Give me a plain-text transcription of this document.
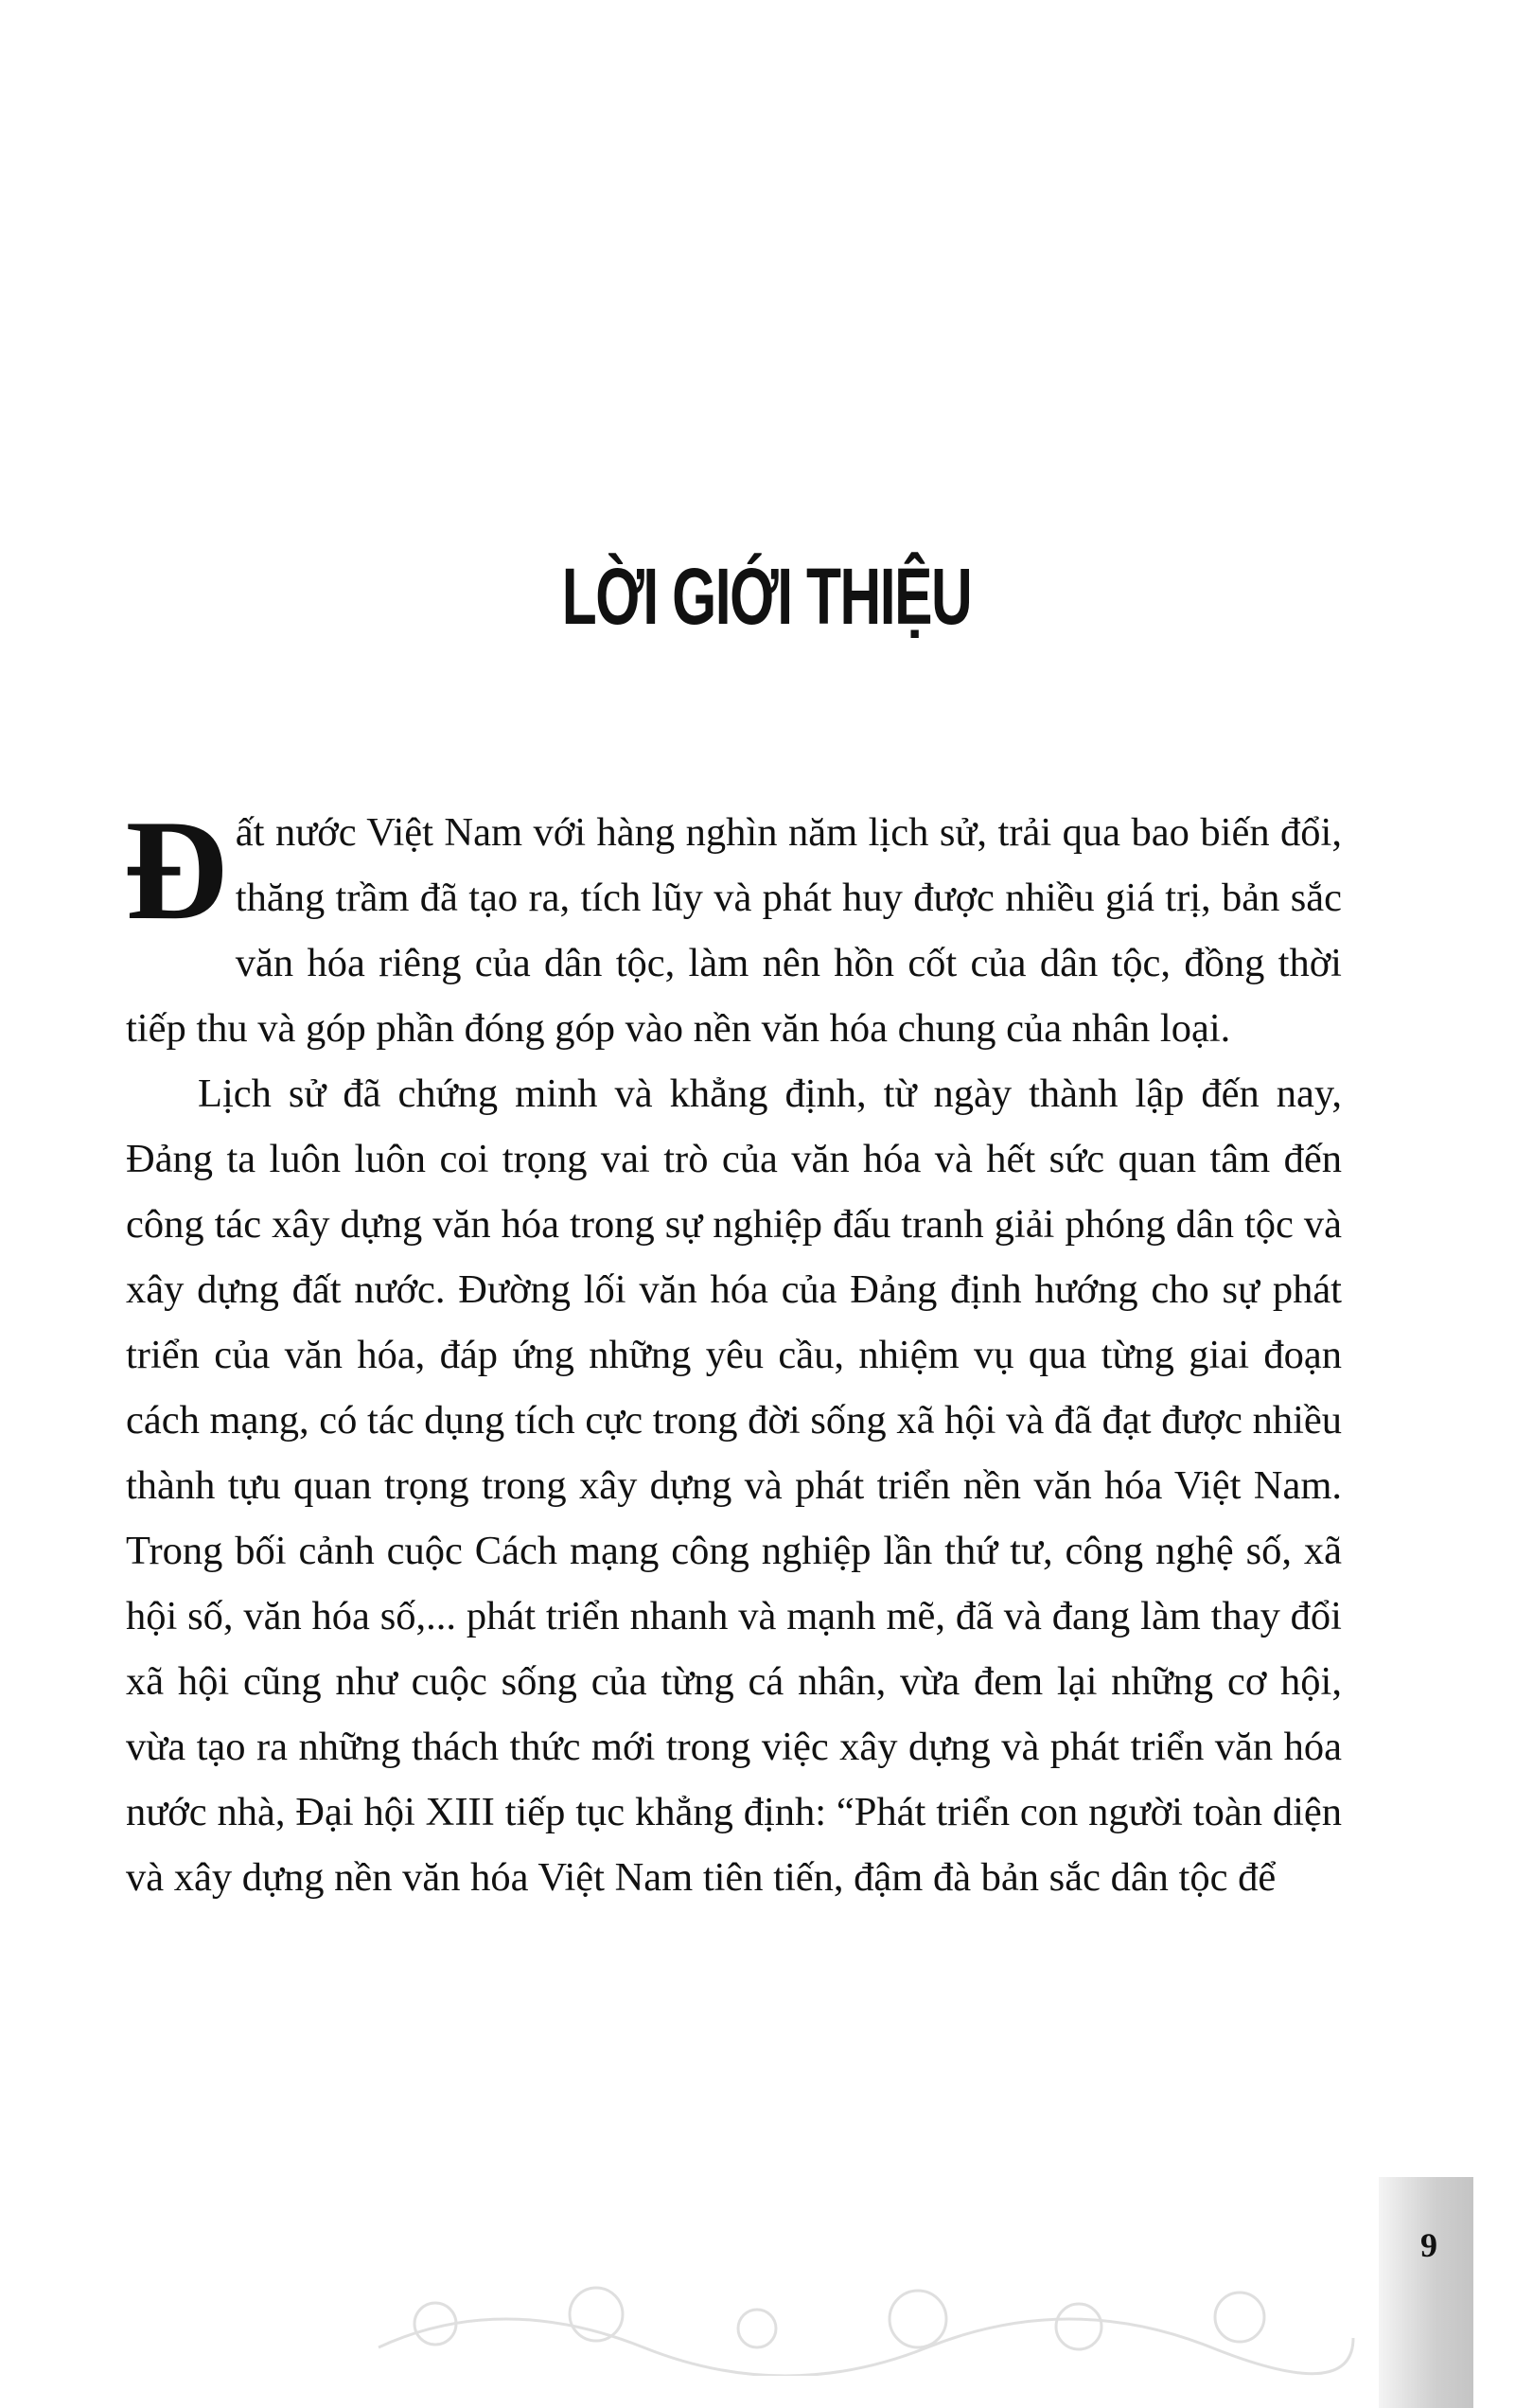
LỜI GIỚI THIỆU

Đất nước Việt Nam với hàng nghìn năm lịch sử, trải qua bao biến đổi, thăng trầm đã tạo ra, tích lũy và phát huy được nhiều giá trị, bản sắc văn hóa riêng của dân tộc, làm nên hồn cốt của dân tộc, đồng thời tiếp thu và góp phần đóng góp vào nền văn hóa chung của nhân loại.

Lịch sử đã chứng minh và khẳng định, từ ngày thành lập đến nay, Đảng ta luôn luôn coi trọng vai trò của văn hóa và hết sức quan tâm đến công tác xây dựng văn hóa trong sự nghiệp đấu tranh giải phóng dân tộc và xây dựng đất nước. Đường lối văn hóa của Đảng định hướng cho sự phát triển của văn hóa, đáp ứng những yêu cầu, nhiệm vụ qua từng giai đoạn cách mạng, có tác dụng tích cực trong đời sống xã hội và đã đạt được nhiều thành tựu quan trọng trong xây dựng và phát triển nền văn hóa Việt Nam. Trong bối cảnh cuộc Cách mạng công nghiệp lần thứ tư, công nghệ số, xã hội số, văn hóa số,... phát triển nhanh và mạnh mẽ, đã và đang làm thay đổi xã hội cũng như cuộc sống của từng cá nhân, vừa đem lại những cơ hội, vừa tạo ra những thách thức mới trong việc xây dựng và phát triển văn hóa nước nhà, Đại hội XIII tiếp tục khẳng định: “Phát triển con người toàn diện và xây dựng nền văn hóa Việt Nam tiên tiến, đậm đà bản sắc dân tộc để

9
